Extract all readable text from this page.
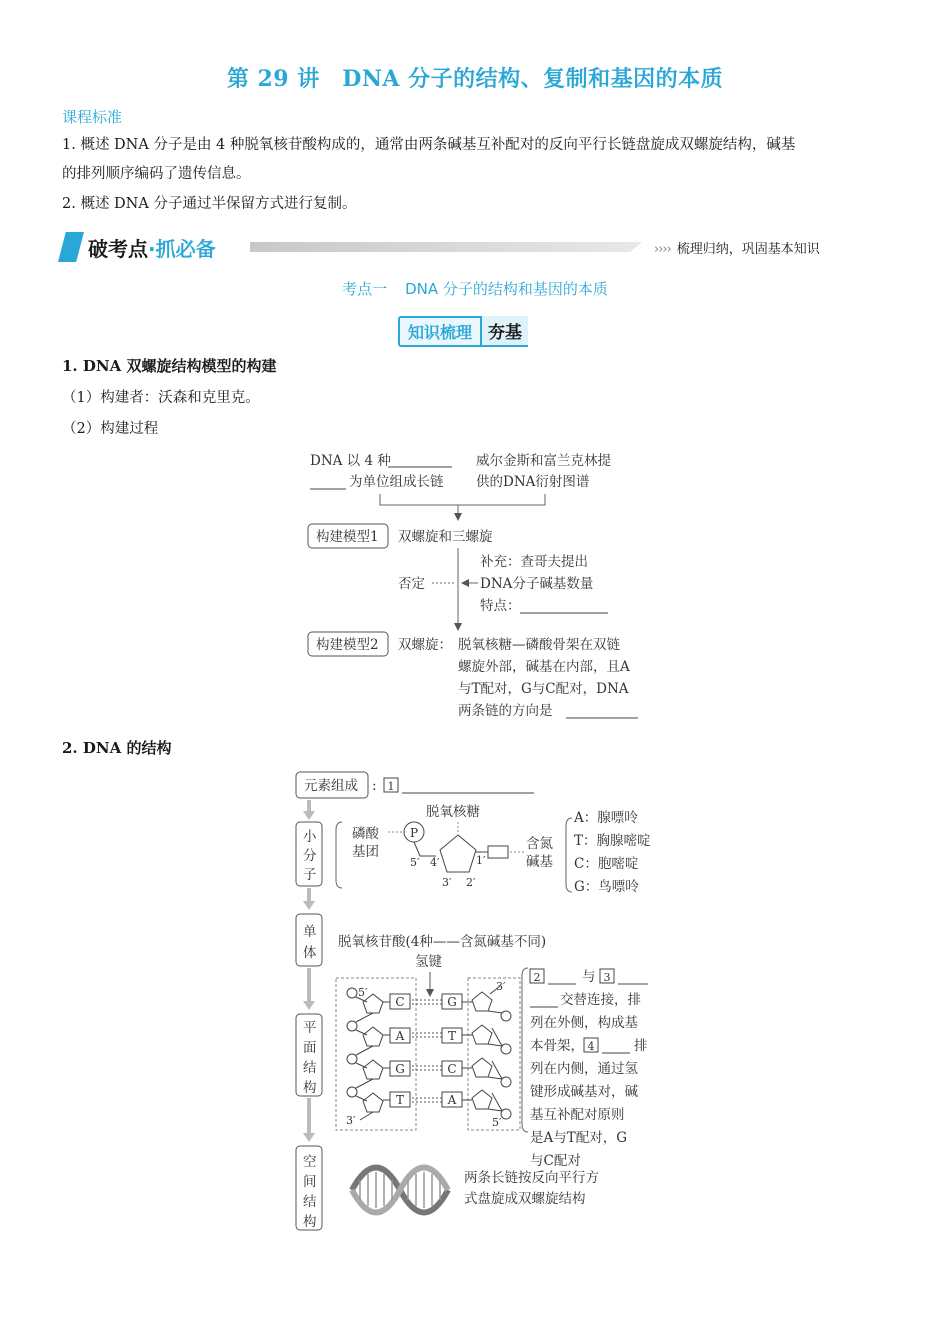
第 29 讲　DNA 分子的结构、复制和基因的本质
课程标准
1. 概述 DNA 分子是由 4 种脱氧核苷酸构成的，通常由两条碱基互补配对的反向平行长链盘旋成双螺旋结构，碱基
的排列顺序编码了遗传信息。
2. 概述 DNA 分子通过半保留方式进行复制。
破考点·抓必备	›››› 梳理归纳，巩固基本知识
考点一 DNA 分子的结构和基因的本质
知识梳理 夯基
1. DNA 双螺旋结构模型的构建
（1）构建者：沃森和克里克。
（2）构建过程
2. DNA 的结构
DNA 以 4 种
为单位组成长链
威尔金斯和富兰克林提
供的DNA衍射图谱
构建模型1 双螺旋和三螺旋
补充：查哥夫提出
DNA分子碱基数量
特点：
否定
构建模型2 双螺旋： 脱氧核糖—磷酸骨架在双链
螺旋外部，碱基在内部，且A
与T配对，G与C配对，DNA
两条链的方向是
元素组成 : 1
小
分
子
磷酸
基团
P
脱氧核糖
5′ 4′	1′
3′ 2′
含氮
碱基
A：腺嘌呤
T：胸腺嘧啶
C：胞嘧啶
G：鸟嘌呤
单
体
脱氧核苷酸(4种——含氮碱基不同)
平
面
结
构
氢键
5′
3′
3′
5′
C
A
G
T
G
T
C
A
2	与 3
交替连接，排
列在外侧，构成基
本骨架， 4	排
列在内侧，通过氢
键形成碱基对，碱
基互补配对原则
是A与T配对，G
与C配对
空
间
结
构
两条长链按反向平行方
式盘旋成双螺旋结构
